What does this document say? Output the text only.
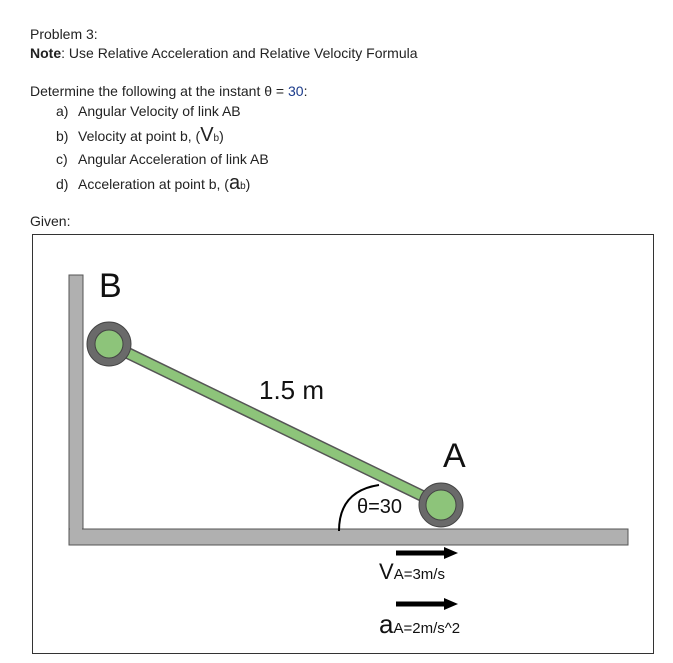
Problem 3:
Note: Use Relative Acceleration and Relative Velocity Formula
Determine the following at the instant θ = 30:
a) Angular Velocity of link AB
b) Velocity at point b, (Vb)
c) Angular Acceleration of link AB
d) Acceleration at point b, (ab)
Given:
B
A
1.5 m
θ=30
VA=3m/s
aA=2m/s^2
